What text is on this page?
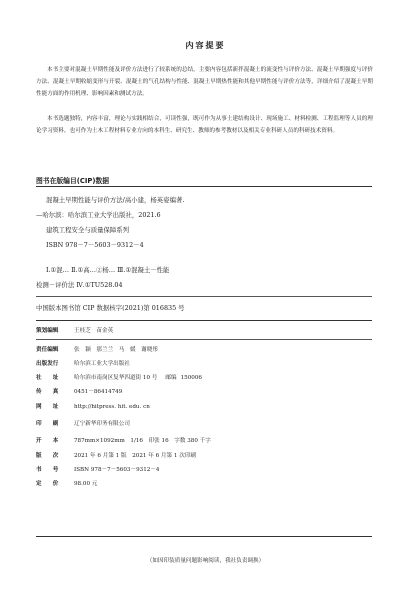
内容提要
本书主要对混凝土早期性能及评价方法进行了较系统的总结，主要内容包括新拌混凝土的流变性与评价方法、混凝土早期强度与评价方法、混凝土早期收缩变形与开裂、混凝土的气孔结构与性能、混凝土早期热性能和其他早期性能与评价方法等，详细介绍了混凝土早期性能方面的作用机理、影响因素和测试方法。
本书选题独特，内容丰富，理论与实践相结合，可读性强，既可作为从事土建结构设计、现场施工、材料检测、工程监理等人员的理论学习资料，也可作为土木工程材料专业方向的本科生、研究生、教师的参考教材以及相关专业科研人员的科研技术资料。
图书在版编目(CIP)数据
混凝土早期性能与评价方法/高小建，杨英姿编著.
—哈尔滨：哈尔滨工业大学出版社，2021.6
建筑工程安全与质量保障系列
ISBN 978－7－5603－9312－4
Ⅰ.①混… Ⅱ.①高…②杨… Ⅲ.①混凝土－性能
检测－评价法 Ⅳ.①TU528.04
中国版本图书馆 CIP 数据核字(2021)第 016835 号
策划编辑	王桂芝　苗金英
责任编辑	张　颖　那兰兰　马　媛　谢晓彤
出版发行	哈尔滨工业大学出版社
社　　址	哈尔滨市南岗区复华四道街 10 号 邮编 150006
传　　真	0451－86414749
网　　址	http://hitpress. hit. edu. cn
印　　刷	辽宁新华印务有限公司
开　　本	787mm×1092mm　1/16　印张 16　字数 380 千字
版　　次	2021 年 6 月第 1 版　2021 年 6 月第 1 次印刷
书　　号	ISBN 978－7－5603－9312－4
定　　价	98.00 元
（如因印装质量问题影响阅读，我社负责调换）
